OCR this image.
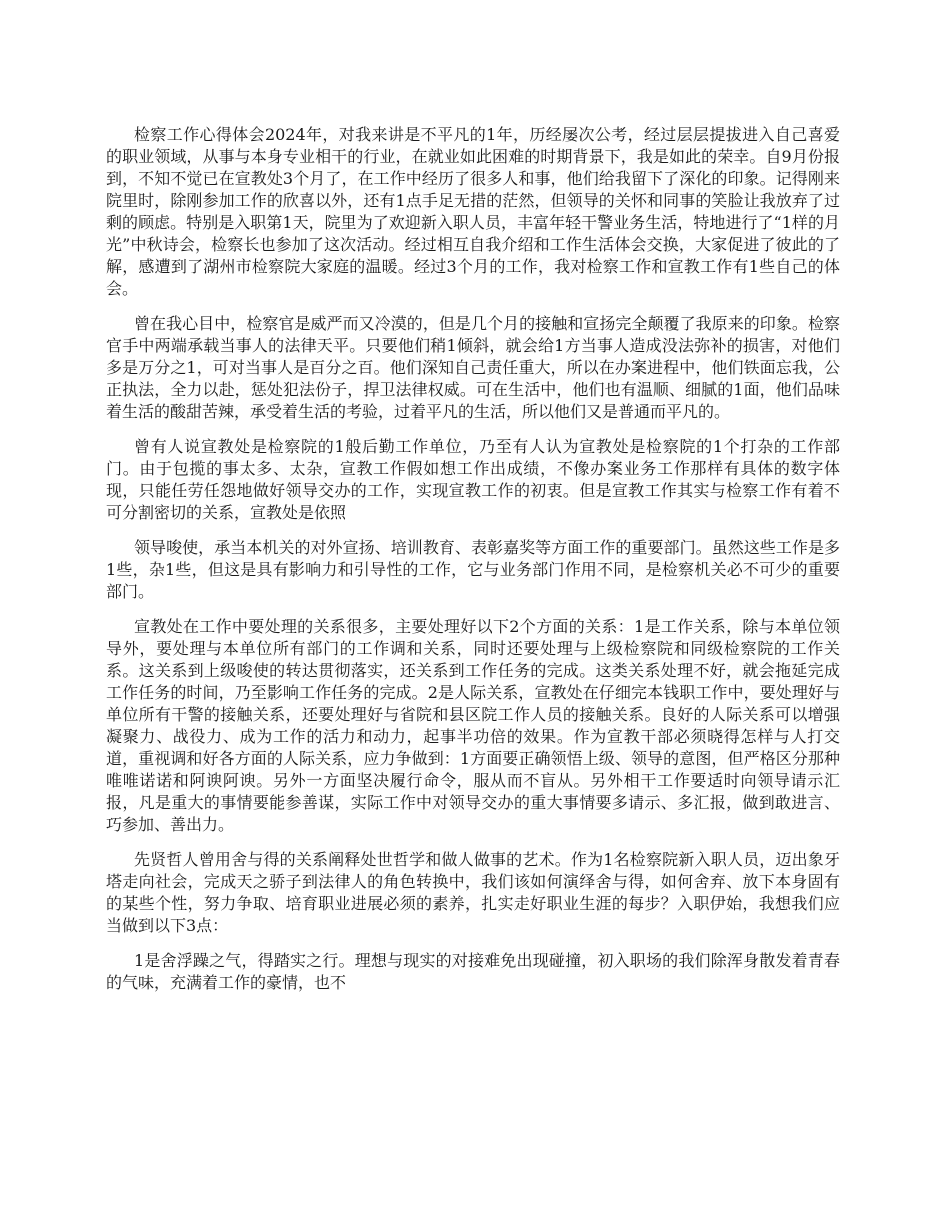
检察工作心得体会2024年，对我来讲是不平凡的1年，历经屡次公考，经过层层提拔进入自己喜爱的职业领域，从事与本身专业相干的行业，在就业如此困难的时期背景下，我是如此的荣幸。自9月份报到，不知不觉已在宣教处3个月了，在工作中经历了很多人和事，他们给我留下了深化的印象。记得刚来院里时，除刚参加工作的欣喜以外，还有1点手足无措的茫然，但领导的关怀和同事的笑脸让我放弃了过剩的顾虑。特别是入职第1天，院里为了欢迎新入职人员，丰富年轻干警业务生活，特地进行了“1样的月光”中秋诗会，检察长也参加了这次活动。经过相互自我介绍和工作生活体会交换，大家促进了彼此的了解，感遭到了湖州市检察院大家庭的温暖。经过3个月的工作，我对检察工作和宣教工作有1些自己的体会。

曾在我心目中，检察官是威严而又冷漠的，但是几个月的接触和宣扬完全颠覆了我原来的印象。检察官手中两端承载当事人的法律天平。只要他们稍1倾斜，就会给1方当事人造成没法弥补的损害，对他们多是万分之1，可对当事人是百分之百。他们深知自己责任重大，所以在办案进程中，他们铁面忘我，公正执法，全力以赴，惩处犯法份子，捍卫法律权威。可在生活中，他们也有温顺、细腻的1面，他们品味着生活的酸甜苦辣，承受着生活的考验，过着平凡的生活，所以他们又是普通而平凡的。

曾有人说宣教处是检察院的1般后勤工作单位，乃至有人认为宣教处是检察院的1个打杂的工作部门。由于包揽的事太多、太杂，宣教工作假如想工作出成绩，不像办案业务工作那样有具体的数字体现，只能任劳任怨地做好领导交办的工作，实现宣教工作的初衷。但是宣教工作其实与检察工作有着不可分割密切的关系，宣教处是依照

领导唆使，承当本机关的对外宣扬、培训教育、表彰嘉奖等方面工作的重要部门。虽然这些工作是多1些，杂1些，但这是具有影响力和引导性的工作，它与业务部门作用不同，是检察机关必不可少的重要部门。

宣教处在工作中要处理的关系很多，主要处理好以下2个方面的关系：1是工作关系，除与本单位领导外，要处理与本单位所有部门的工作调和关系，同时还要处理与上级检察院和同级检察院的工作关系。这关系到上级唆使的转达贯彻落实，还关系到工作任务的完成。这类关系处理不好，就会拖延完成工作任务的时间，乃至影响工作任务的完成。2是人际关系，宣教处在仔细完本钱职工作中，要处理好与单位所有干警的接触关系，还要处理好与省院和县区院工作人员的接触关系。良好的人际关系可以增强凝聚力、战役力、成为工作的活力和动力，起事半功倍的效果。作为宣教干部必须晓得怎样与人打交道，重视调和好各方面的人际关系，应力争做到：1方面要正确领悟上级、领导的意图，但严格区分那种唯唯诺诺和阿谀阿谀。另外一方面坚决履行命令，服从而不盲从。另外相干工作要适时向领导请示汇报，凡是重大的事情要能参善谋，实际工作中对领导交办的重大事情要多请示、多汇报，做到敢进言、巧参加、善出力。

先贤哲人曾用舍与得的关系阐释处世哲学和做人做事的艺术。作为1名检察院新入职人员，迈出象牙塔走向社会，完成天之骄子到法律人的角色转换中，我们该如何演绎舍与得，如何舍弃、放下本身固有的某些个性，努力争取、培育职业进展必须的素养，扎实走好职业生涯的每步？入职伊始，我想我们应当做到以下3点：

1是舍浮躁之气，得踏实之行。理想与现实的对接难免出现碰撞，初入职场的我们除浑身散发着青春的气味，充满着工作的豪情，也不
